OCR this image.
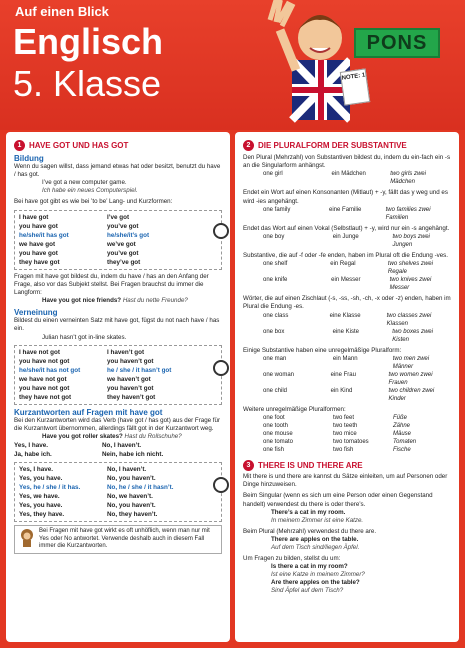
Auf einen Blick
Englisch
5. Klasse	NOTE: 1
PONS
1 HAVE GOT UND HAS GOT
Bildung
Wenn du sagen willst, dass jemand etwas hat oder besitzt, benutzt du have / has got.
I’ve got a new computer game.
Ich habe ein neues Computerspiel.
Bei have got gibt es wie bei ’to be’ Lang- und Kurzformen:
I have got	I’ve got
you have got	you’ve got
he/she/it has got	he/she/it’s got
we have got	we’ve got
you have got	you’ve got
they have got	they’ve got
Fragen mit have got bildest du, indem du have / has an den Anfang der Frage, also vor das Subjekt stellst. Bei Fragen brauchst du immer die Langform:
Have you got nice friends? Hast du nette Freunde?
Verneinung
Bildest du einen verneinten Satz mit have got, fügst du not nach have / has ein.
Julian hasn’t got in-line skates.
I have not got	I haven’t got
you have not got	you haven’t got
he/she/it has not got	he / she / it hasn’t got
we have not got	we haven’t got
you have not got	you haven’t got
they have not got	they haven’t got
Kurzantworten auf Fragen mit have got
Bei den Kurzantworten wird das Verb (have got / has got) aus der Frage für die Kurzantwort übernommen, allerdings fällt got in der Kurzantwort weg.
Have you got roller skates? Hast du Rollschuhe?
Yes, I have.	No, I haven’t.
Ja, habe ich.	Nein, habe ich nicht.
Yes, I have.	No, I haven’t.
Yes, you have.	No, you haven’t.
Yes, he / she / it has.	No, he / she / it hasn’t.
Yes, we have.	No, we haven’t.
Yes, you have.	No, you haven’t.
Yes, they have.	No, they haven’t.
Bei Fragen mit have got wirkt es oft unhöflich, wenn man nur mit Yes oder No antwortet. Verwende deshalb auch in diesem Fall immer die Kurzantworten.
2 DIE PLURALFORM DER SUBSTANTIVE
Den Plural (Mehrzahl) von Substantiven bildest du, indem du ein-fach ein -s an die Singularform anhängst.
one girl	ein Mädchen	two girls zwei Mädchen
Endet ein Wort auf einen Konsonanten (Mitlaut) + -y, fällt das y weg und es wird -ies angehängt.
one family	eine Familie	two families zwei Familien
Endet das Wort auf einen Vokal (Selbstlaut) + -y, wird nur ein -s angehängt.
one boy	ein Junge	two boys zwei Jungen
Substantive, die auf -f oder -fe enden, haben im Plural oft die Endung -ves.
one shelf	ein Regal	two shelves zwei Regale
one knife	ein Messer	two knives zwei Messer
Wörter, die auf einen Zischlaut (-s, -ss, -sh, -ch, -x oder -z) enden, haben im Plural die Endung -es.
one class	eine Klasse	two classes zwei Klassen
one box	eine Kiste	two boxes zwei Kisten
Einige Substantive haben eine unregelmäßige Pluralform:
one man	ein Mann	two men zwei Männer
one woman	eine Frau	two women zwei Frauen
one child	ein Kind	two children zwei Kinder
Weitere unregelmäßige Pluralformen:
one foot	two feet	Füße
one tooth	two teeth	Zähne
one mouse	two mice	Mäuse
one tomato	two tomatoes	Tomaten
one fish	two fish	Fische
3 THERE IS UND THERE ARE
Mit there is und there are kannst du Sätze einleiten, um auf Personen oder Dinge hinzuweisen.
Beim Singular (wenn es sich um eine Person oder einen Gegenstand handelt) verwendest du there is oder there’s.
There’s a cat in my room.
In meinem Zimmer ist eine Katze.
Beim Plural (Mehrzahl) verwendest du there are.
There are apples on the table.
Auf dem Tisch sind/liegen Äpfel.
Um Fragen zu bilden, stellst du um:
Is there a cat in my room?
Ist eine Katze in meinem Zimmer?
Are there apples on the table?
Sind Äpfel auf dem Tisch?
